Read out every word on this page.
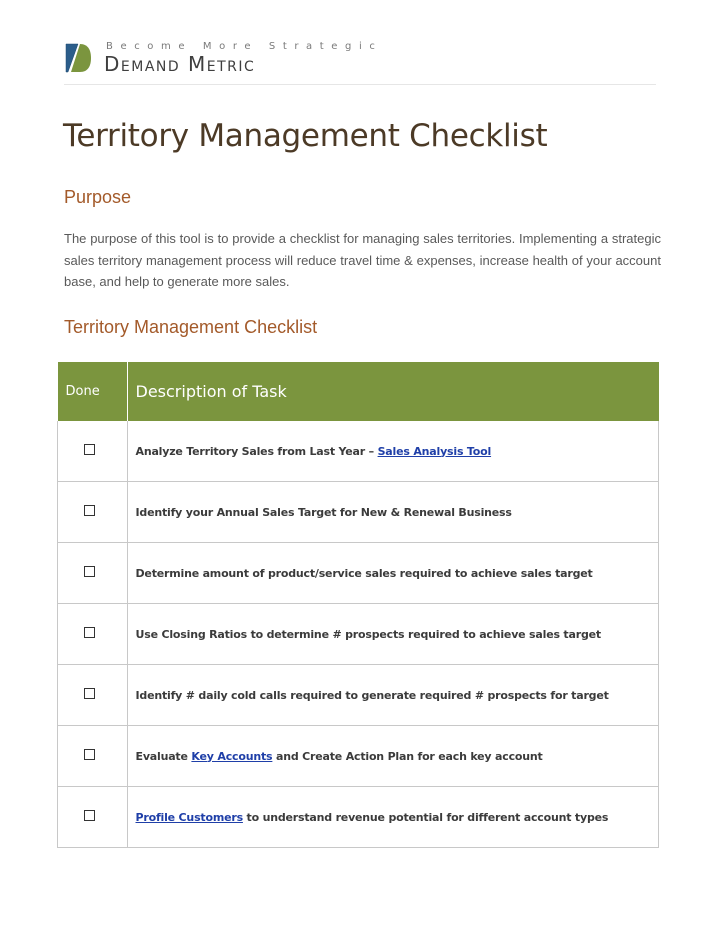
Become More Strategic
Demand Metric
Territory Management Checklist
Purpose

The purpose of this tool is to provide a checklist for managing sales territories. Implementing a strategic sales territory management process will reduce travel time & expenses, increase health of your account base, and help to generate more sales.

Territory Management Checklist
Done	Description of Task
	Analyze Territory Sales from Last Year – Sales Analysis Tool
	Identify your Annual Sales Target for New & Renewal Business
	Determine amount of product/service sales required to achieve sales target
	Use Closing Ratios to determine # prospects required to achieve sales target
	Identify # daily cold calls required to generate required # prospects for target
	Evaluate Key Accounts and Create Action Plan for each key account
	Profile Customers to understand revenue potential for different account types
